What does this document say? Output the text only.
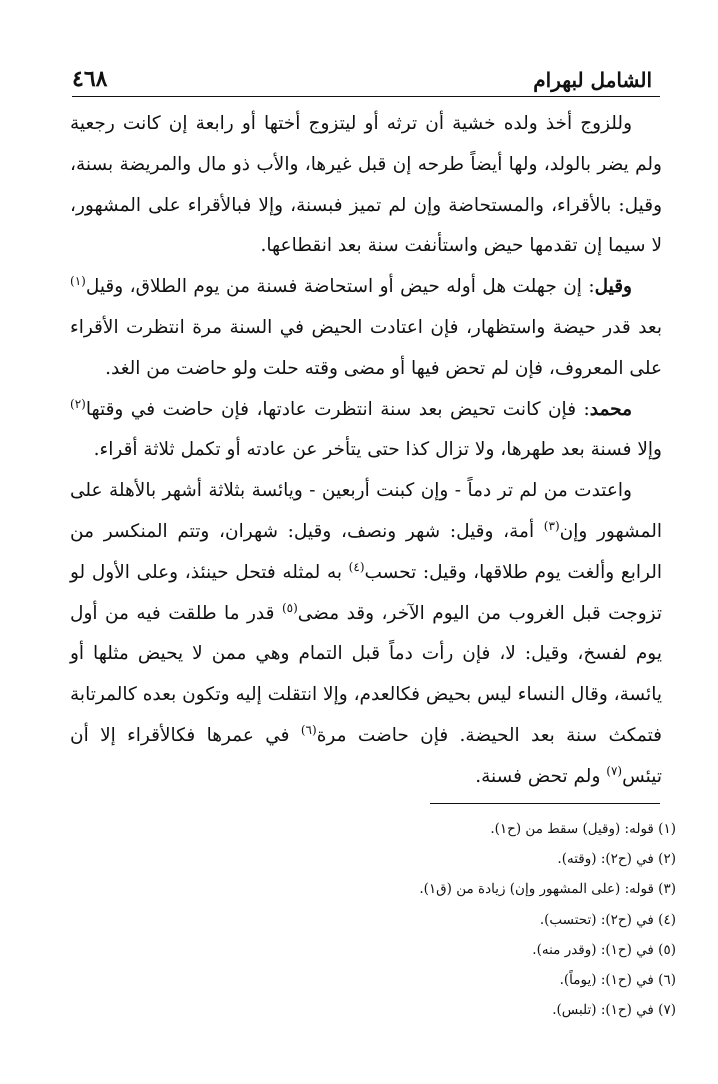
٤٦٨	الشامل لبهرام

وللزوج أخذ ولده خشية أن ترثه أو ليتزوج أختها أو رابعة إن كانت رجعية ولم يضر بالولد، ولها أيضاً طرحه إن قبل غيرها، والأب ذو مال والمريضة بسنة، وقيل: بالأقراء، والمستحاضة وإن لم تميز فبسنة، وإلا فبالأقراء على المشهور، لا سيما إن تقدمها حيض واستأنفت سنة بعد انقطاعها.

وقيل: إن جهلت هل أوله حيض أو استحاضة فسنة من يوم الطلاق، وقيل$^{(١)}$ بعد قدر حيضة واستظهار، فإن اعتادت الحيض في السنة مرة انتظرت الأقراء على المعروف، فإن لم تحض فيها أو مضى وقته حلت ولو حاضت من الغد.

محمد: فإن كانت تحيض بعد سنة انتظرت عادتها، فإن حاضت في وقتها$^{(٢)}$ وإلا فسنة بعد طهرها، ولا تزال كذا حتى يتأخر عن عادته أو تكمل ثلاثة أقراء.

واعتدت من لم تر دماً - وإن كبنت أربعين - ويائسة بثلاثة أشهر بالأهلة على المشهور وإن$^{(٣)}$ أمة، وقيل: شهر ونصف، وقيل: شهران، وتتم المنكسر من الرابع وألغت يوم طلاقها، وقيل: تحسب$^{(٤)}$ به لمثله فتحل حينئذ، وعلى الأول لو تزوجت قبل الغروب من اليوم الآخر، وقد مضى$^{(٥)}$ قدر ما طلقت فيه من أول يوم لفسخ، وقيل: لا، فإن رأت دماً قبل التمام وهي ممن لا يحيض مثلها أو يائسة، وقال النساء ليس بحيض فكالعدم، وإلا انتقلت إليه وتكون بعده كالمرتابة فتمكث سنة بعد الحيضة. فإن حاضت مرة$^{(٦)}$ في عمرها فكالأقراء إلا أن تيئس$^{(٧)}$ ولم تحض فسنة.

(١) قوله: (وقيل) سقط من (ح١).

(٢) في (ح٢): (وقته).

(٣) قوله: (على المشهور وإن) زيادة من (ق١).

(٤) في (ح٢): (تحتسب).

(٥) في (ح١): (وقدر منه).

(٦) في (ح١): (يوماً).

(٧) في (ح١): (تلبس).
